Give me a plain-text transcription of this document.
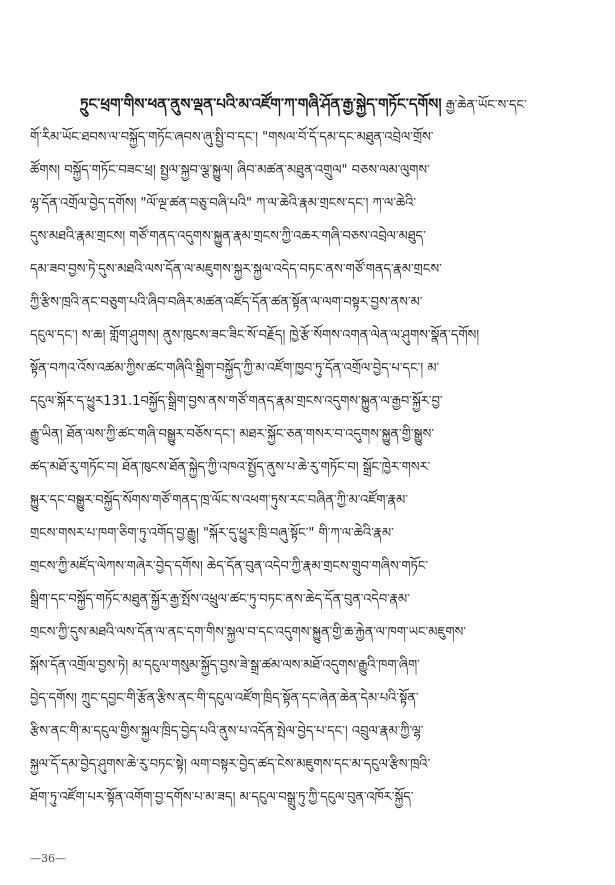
ཏྲུང་ཕྲག་གིས་ཕན་ནུས་ལྡན་པའི་མ་འཛོག་ཀ་གཞི་ཤོན་རྒྱ་སྐྱེད་གཏོང་དགོས། རྒྱ་ཆེན་ཡོང་ས་དང་
གོ་རིམ་ཡོང་ཐབས་ལ་བསྐྱོད་གཏོང་ཞབས་ཞུ་སྤྱི་བ་དང་། "གསལ་བོ་དོ་དམ་དང་མཐུན་འབྲེལ་གྲོས་
ཚོགས། བསྐྱོད་གཏོང་བཟང་ཕྲ། སྤྱལ་སྐྱབ་ལྕ་སྐྱུལ། ཞིབ་མཚན་མཐུན་འགྲུལ" བཅས་ལམ་ལུགས་
ལྷ་དོན་འགྲོལ་བྱེད་དགོས། "ལོ་ལྔ་ཚན་བཅུ་བཞི་པའི" ཀ་ལ་ཆེའི་རྣམ་གྲངས་དང་། ཀ་ལ་ཆེའི་
དུས་མཐའི་རྣམ་གྲངས། གཙོ་གནད་འདུགས་སྐྱུན་རྣམ་གྲངས་ཀྱི་འཆར་གཞི་བཅས་འབྲེལ་མཐུད་
དམ་ཟབ་བྱས་ཏེ་དུས་མཐའི་ལས་དོན་ལ་མཇུགས་སྐྱར་སྐྱལ་འདེད་བཏང་ནས་གཙོ་གནད་རྣམ་གྲངས་
ཀྱི་རྩིས་ཁྲའི་ནང་བཅུག་པའི་ཞིབ་བཞིར་མཚན་འཛོད་དོན་ཚན་སྟོན་ལ་ལག་བསྟར་བྱས་ནས་མ་
དངུལ་དང་། ས་ཆ། གློག་ཤུགས། ནུས་ཁུངས་ཟང་ཟིང་སོ་བརྗོད། ཁྱེ་རྩོ་སོགས་འགན་ལེན་ལ་ཤུགས་སྣོན་དགོས།
སྟོན་བཀའ་འོས་འཚམ་ཀྱིས་ཚང་གཞིའི་སྒྲིག་བསྐྱོད་ཀྱི་མ་འཛོག་ཁྱབ་ཏུ་དོན་འགྲོལ་བྱེད་པ་དང་། མ་
དངུལ་སྐོར་ད་ཕྱུར131.1བསྐྱོད་སྒྲིག་བྱས་ནས་གཙོ་གནད་རྣམ་གྲངས་འདུགས་སྐྱུན་ལ་རྒྱབ་སྐྱོར་བྱ་
རྒྱུ་ཡིན། ཐོན་ལས་ཀྱི་ཚང་གཞི་བསྒྱུར་བཅོས་དང་། མཐར་སྐྱོང་ཅན་གསར་བ་འདུགས་སྐྱུན་གྱི་སྒྱུས་
ཚད་མཐོ་རུ་གཏོང་བ། ཐོན་ཁུངས་ཐོན་སྐྱེད་ཀྱི་འཁའ་སྤྱོད་ནུས་པ་ཆེ་རུ་གཏོང་བ། སྒྲོང་ཁྱེར་གསར་
སྐྱུར་དང་བསྒྱུར་བསྐྱོད་སོགས་གཙོ་གནད་ཁྲ་ལོང་ས་འཕག་ཏུས་རང་བཞིན་ཀྱི་མ་འཛོག་རྣམ་
གྲངས་གསར་པ་ཁག་ཅིག་ཏུ་འགོད་བྱ་རྒྱུ། "སྐོར་དུ་ཕྱུར་ཁྲི་བཞུ་སྟོང་" གི་ཀ་ལ་ཆེའི་རྣམ་
གྲངས་ཀྱི་མཛོད་ལེཀས་གཞེར་བྱེད་དགོས། ཆེད་དོན་བུན་འདེབ་ཀྱི་རྣམ་གྲངས་གྲུབ་གཞིས་གཏོང་
སྒྲིག་དང་བསྐྱོད་གཏོང་མཐུན་སྐྱོར་རྒྱ་སྤོས་འཕྲུལ་ཚང་ཏུ་བཏང་ནས་ཆེད་དོན་བུན་འདེབ་རྣམ་
གྲངས་ཀྱི་དུས་མཐའི་ལས་དོན་ལ་ནང་དག་གིས་སྐྱལ་བ་དང་འདུགས་སྐྱུན་གྱི་ཆ་རྐྱེན་ལ་ཁག་ཡང་མཇུགས་
སྐོས་དོན་འགྲོལ་བྱས་ཏེ། མ་དངུལ་གསུམ་སྐྱོད་བྱས་ཟེ་སྒྲ་ཚམ་ལས་མཐོ་འདུགས་རྒྱུའི་ཁག་ཞིག་
བྱེད་དགོས། ཀྲུང་དབྱང་གི་རྩོན་རྩིས་ནང་གི་དངུལ་འཛོག་ཁྲིད་སྟོན་དང་ཞེན་ཆེན་དེམ་པའི་སྟོན་
རྩིས་ནང་གི་མ་དངུལ་གྱིས་སྐྱལ་ཁྲིད་བྱེད་པའི་ནུས་པ་འདོན་སྤེལ་བྱེད་པ་དང་། འབྲུལ་རྣམ་ཀྱི་ལྷ་
སྐྱལ་དོ་དམ་བྱེད་ཤུགས་ཆེ་རུ་བཏང་སྟེ། ལག་བསྟར་བྱེད་ཚད་ངེས་མཇུགས་དང་མ་དངུལ་རྩིས་ཁྲའི་
ཐོག་ཏུ་འཛོག་པར་སྟོན་འགོག་བྱ་དགོས་པ་མ་ཟད། མ་དངུལ་བསྒྲུ་ཏུ་ཀྱི་དངུལ་བུན་འཁོར་སྐྱོད་
—36—
